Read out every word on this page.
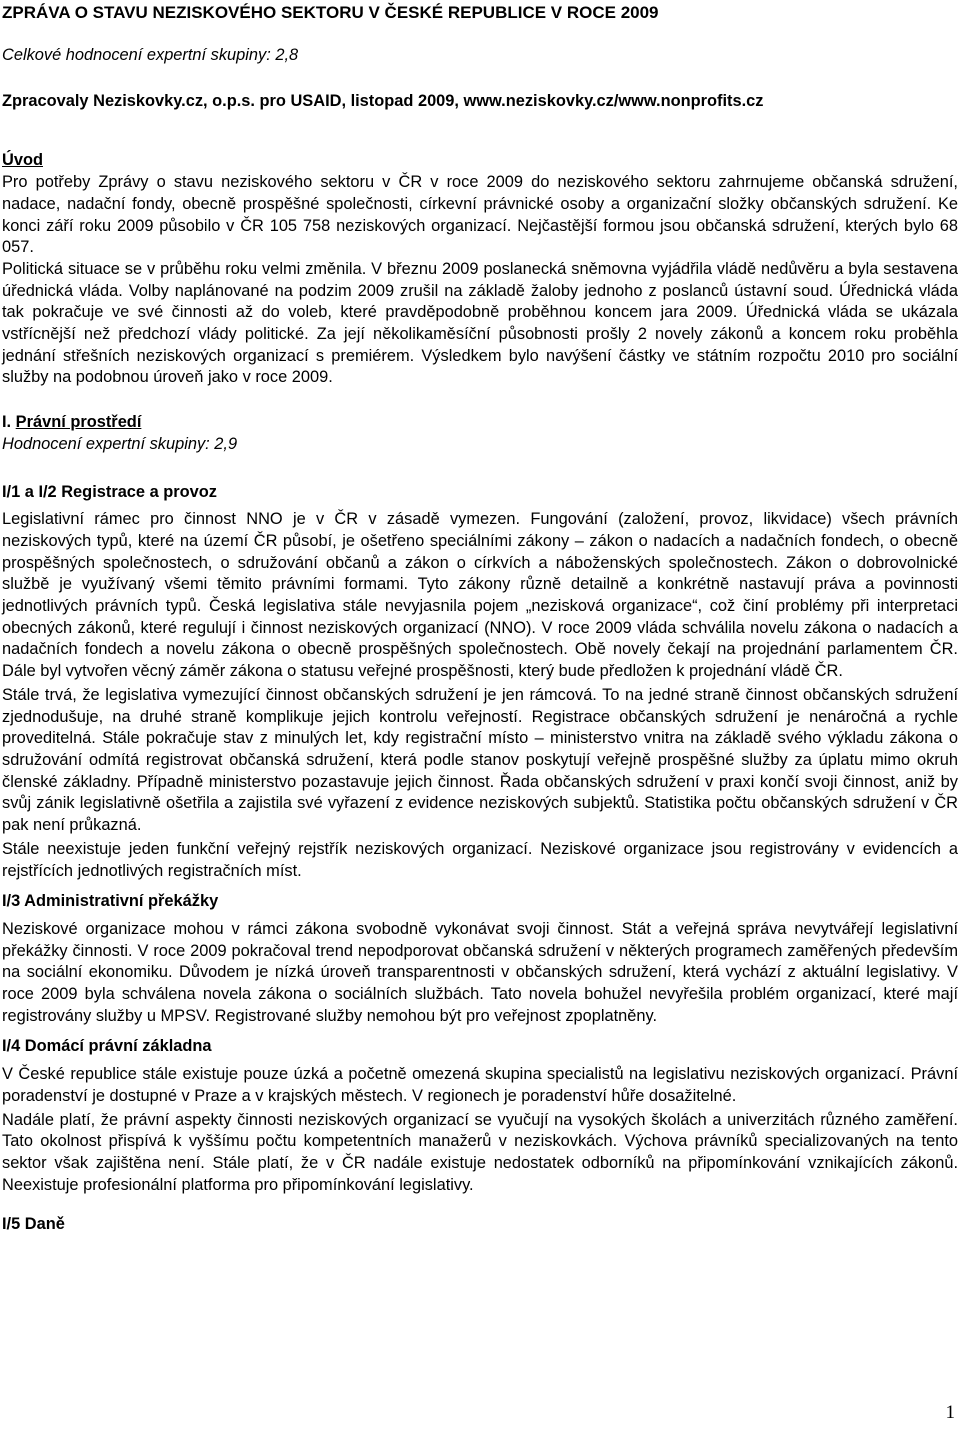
ZPRÁVA O STAVU NEZISKOVÉHO SEKTORU V ČESKÉ REPUBLICE V ROCE 2009
Celkové hodnocení expertní skupiny: 2,8
Zpracovaly Neziskovky.cz, o.p.s. pro USAID, listopad 2009, www.neziskovky.cz/www.nonprofits.cz
Úvod

Pro potřeby Zprávy o stavu neziskového sektoru v ČR v roce 2009 do neziskového sektoru zahrnujeme občanská sdružení, nadace, nadační fondy, obecně prospěšné společnosti, církevní právnické osoby a organizační složky občanských sdružení. Ke konci září roku 2009 působilo v ČR 105 758 neziskových organizací. Nejčastější formou jsou občanská sdružení, kterých bylo 68 057.

Politická situace se v průběhu roku velmi změnila. V březnu 2009 poslanecká sněmovna vyjádřila vládě nedůvěru a byla sestavena úřednická vláda. Volby naplánované na podzim 2009 zrušil na základě žaloby jednoho z poslanců ústavní soud. Úřednická vláda tak pokračuje ve své činnosti až do voleb, které pravděpodobně proběhnou koncem jara 2009. Úřednická vláda se ukázala vstřícnější než předchozí vlády politické. Za její několikaměsíční působnosti prošly 2 novely zákonů a koncem roku proběhla jednání střešních neziskových organizací s premiérem. Výsledkem bylo navýšení částky ve státním rozpočtu 2010 pro sociální služby na podobnou úroveň jako v roce 2009.

I. Právní prostředí
Hodnocení expertní skupiny: 2,9
I/1 a I/2 Registrace a provoz

Legislativní rámec pro činnost NNO je v ČR v zásadě vymezen. Fungování (založení, provoz, likvidace) všech právních neziskových typů, které na území ČR působí, je ošetřeno speciálními zákony – zákon o nadacích a nadačních fondech, o obecně prospěšných společnostech, o sdružování občanů a zákon o církvích a náboženských společnostech. Zákon o dobrovolnické službě je využívaný všemi těmito právními formami. Tyto zákony různě detailně a konkrétně nastavují práva a povinnosti jednotlivých právních typů. Česká legislativa stále nevyjasnila pojem „nezisková organizace“, což činí problémy při interpretaci obecných zákonů, které regulují i činnost neziskových organizací (NNO). V roce 2009 vláda schválila novelu zákona o nadacích a nadačních fondech a novelu zákona o obecně prospěšných společnostech. Obě novely čekají na projednání parlamentem ČR. Dále byl vytvořen věcný záměr zákona o statusu veřejné prospěšnosti, který bude předložen k projednání vládě ČR.

Stále trvá, že legislativa vymezující činnost občanských sdružení je jen rámcová. To na jedné straně činnost občanských sdružení zjednodušuje, na druhé straně komplikuje jejich kontrolu veřejností. Registrace občanských sdružení je nenáročná a rychle proveditelná. Stále pokračuje stav z minulých let, kdy registrační místo – ministerstvo vnitra na základě svého výkladu zákona o sdružování odmítá registrovat občanská sdružení, která podle stanov poskytují veřejně prospěšné služby za úplatu mimo okruh členské základny. Případně ministerstvo pozastavuje jejich činnost. Řada občanských sdružení v praxi končí svoji činnost, aniž by svůj zánik legislativně ošetřila a zajistila své vyřazení z evidence neziskových subjektů. Statistika počtu občanských sdružení v ČR pak není průkazná.

Stále neexistuje jeden funkční veřejný rejstřík neziskových organizací. Neziskové organizace jsou registrovány v evidencích a rejstřících jednotlivých registračních míst.

I/3 Administrativní překážky

Neziskové organizace mohou v rámci zákona svobodně vykonávat svoji činnost. Stát a veřejná správa nevytvářejí legislativní překážky činnosti. V roce 2009 pokračoval trend nepodporovat občanská sdružení v některých programech zaměřených především na sociální ekonomiku. Důvodem je nízká úroveň transparentnosti v občanských sdružení, která vychází z aktuální legislativy. V roce 2009 byla schválena novela zákona o sociálních službách. Tato novela bohužel nevyřešila problém organizací, které mají registrovány služby u MPSV. Registrované služby nemohou být pro veřejnost zpoplatněny.

I/4 Domácí právní základna

V České republice stále existuje pouze úzká a početně omezená skupina specialistů na legislativu neziskových organizací. Právní poradenství je dostupné v Praze a v krajských městech. V regionech je poradenství hůře dosažitelné.

Nadále platí, že právní aspekty činnosti neziskových organizací se vyučují na vysokých školách a univerzitách různého zaměření. Tato okolnost přispívá k vyššímu počtu kompetentních manažerů v neziskovkách. Výchova právníků specializovaných na tento sektor však zajištěna není. Stále platí, že v ČR nadále existuje nedostatek odborníků na připomínkování vznikajících zákonů. Neexistuje profesionální platforma pro připomínkování legislativy.

I/5 Daně
1
